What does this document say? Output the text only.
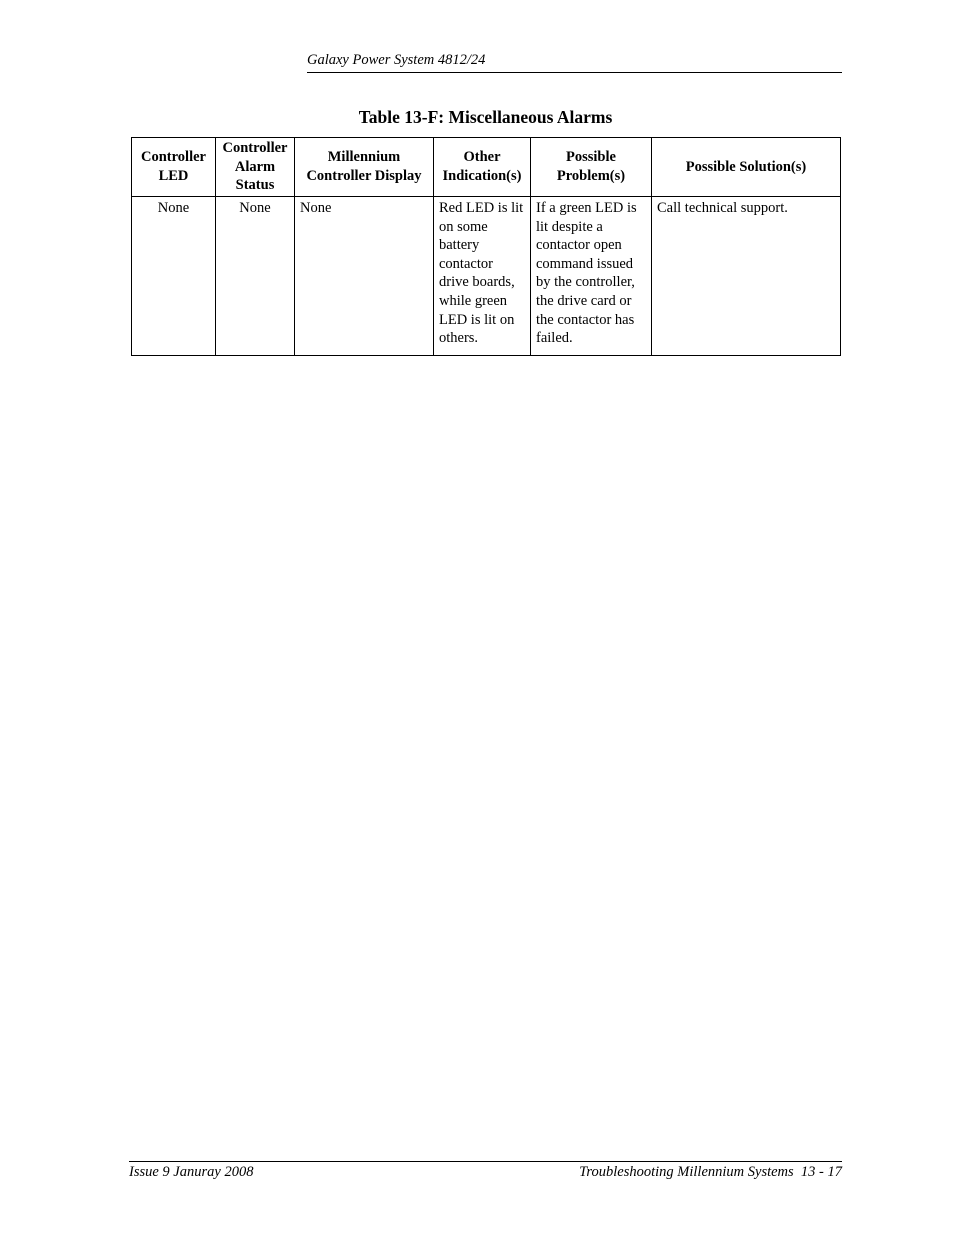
Galaxy Power System 4812/24
Table 13-F: Miscellaneous Alarms
Controller LED	Controller Alarm Status	Millennium Controller Display	Other Indication(s)	Possible Problem(s)	Possible Solution(s)
None	None	None	Red LED is lit on some battery contactor drive boards, while green LED is lit on others.	If a green LED is lit despite a contactor open command issued by the controller, the drive card or the contactor has failed.	Call technical support.
Issue 9 Januray 2008	Troubleshooting Millennium Systems  13 - 17
